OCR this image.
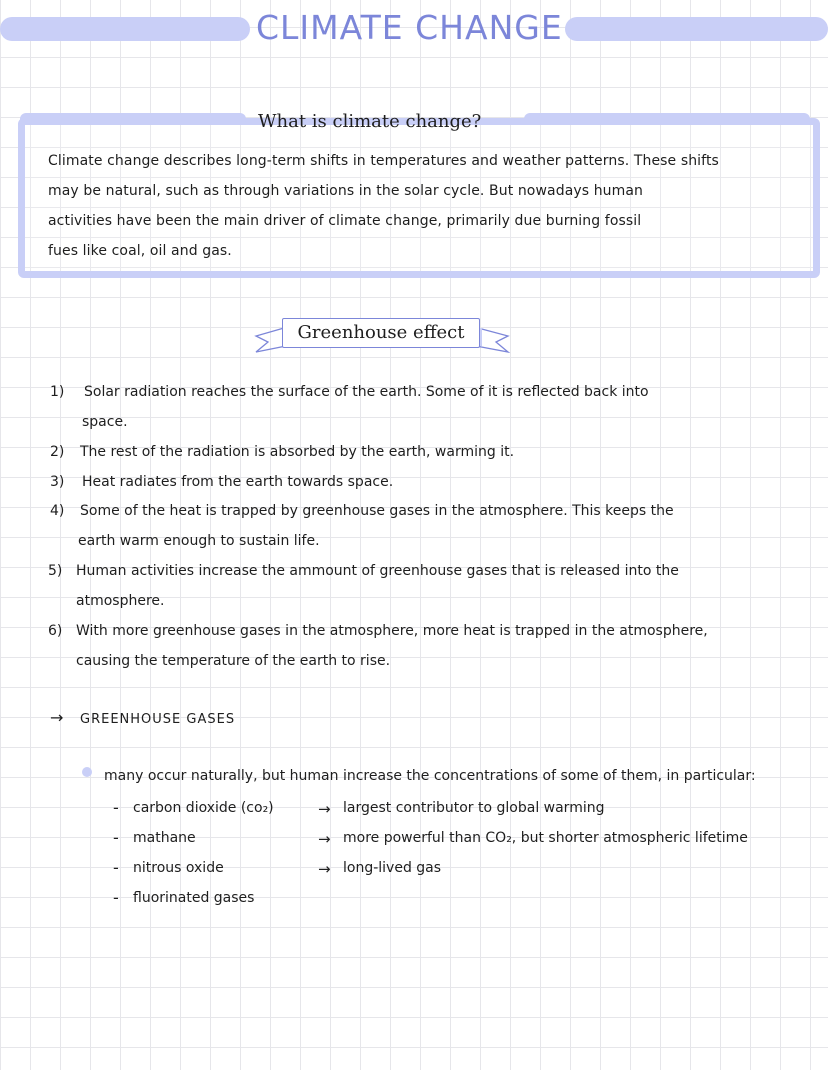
CLIMATE CHANGE
What is climate change?
Climate change describes long-term shifts in temperatures and weather patterns. These shifts
may be natural, such as through variations in the solar cycle. But nowadays human
activities have been the main driver of climate change, primarily due burning fossil
fues like coal, oil and gas.
Greenhouse effect
1) Solar radiation reaches the surface of the earth. Some of it is reflected back into
space.
2) The rest of the radiation is absorbed by the earth, warming it.
3) Heat radiates from the earth towards space.
4) Some of the heat is trapped by greenhouse gases in the atmosphere. This keeps the
earth warm enough to sustain life.
5) Human activities increase the ammount of greenhouse gases that is released into the
atmosphere.
6) With more greenhouse gases in the atmosphere, more heat is trapped in the atmosphere,
causing the temperature of the earth to rise.
→ GREENHOUSE GASES
many occur naturally, but human increase the concentrations of some of them, in particular:
- carbon dioxide (co₂)	→ largest contributor to global warming
- mathane	→ more powerful than CO₂, but shorter atmospheric lifetime
- nitrous oxide	→ long-lived gas
- fluorinated gases
